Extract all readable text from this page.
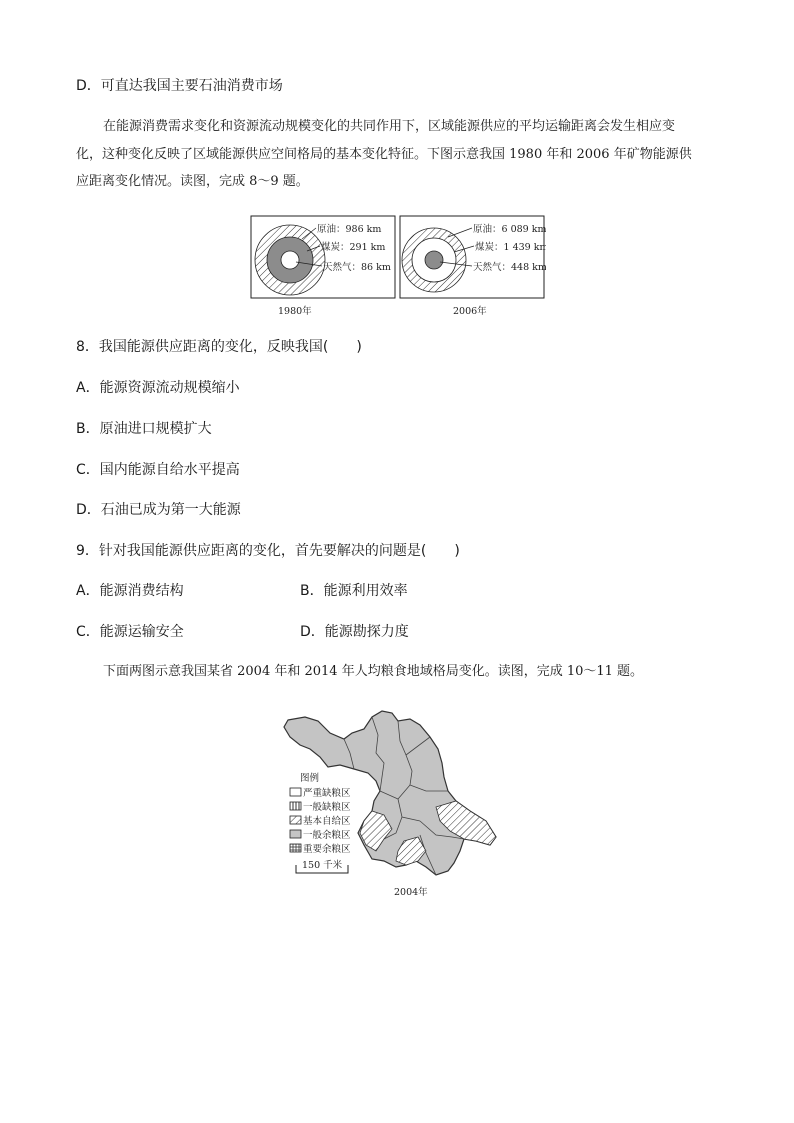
D．可直达我国主要石油消费市场
在能源消费需求变化和资源流动规模变化的共同作用下，区域能源供应的平均运输距离会发生相应变
化，这种变化反映了区域能源供应空间格局的基本变化特征。下图示意我国 1980 年和 2006 年矿物能源供
应距离变化情况。读图，完成 8～9 题。
原油：986 km
煤炭：291 km
天然气：86 km
原油：6 089 km
煤炭：1 439 km
天然气：448 km
1980年	2006年
8．我国能源供应距离的变化，反映我国(　　)
A．能源资源流动规模缩小
B．原油进口规模扩大
C．国内能源自给水平提高
D．石油已成为第一大能源
9．针对我国能源供应距离的变化，首先要解决的问题是(　　)
A．能源消费结构	B．能源利用效率
C．能源运输安全	D．能源勘探力度
下面两图示意我国某省 2004 年和 2014 年人均粮食地域格局变化。读图，完成 10～11 题。
图例
严重缺粮区
一般缺粮区
基本自给区
一般余粮区
重要余粮区
150 千米
2004年
